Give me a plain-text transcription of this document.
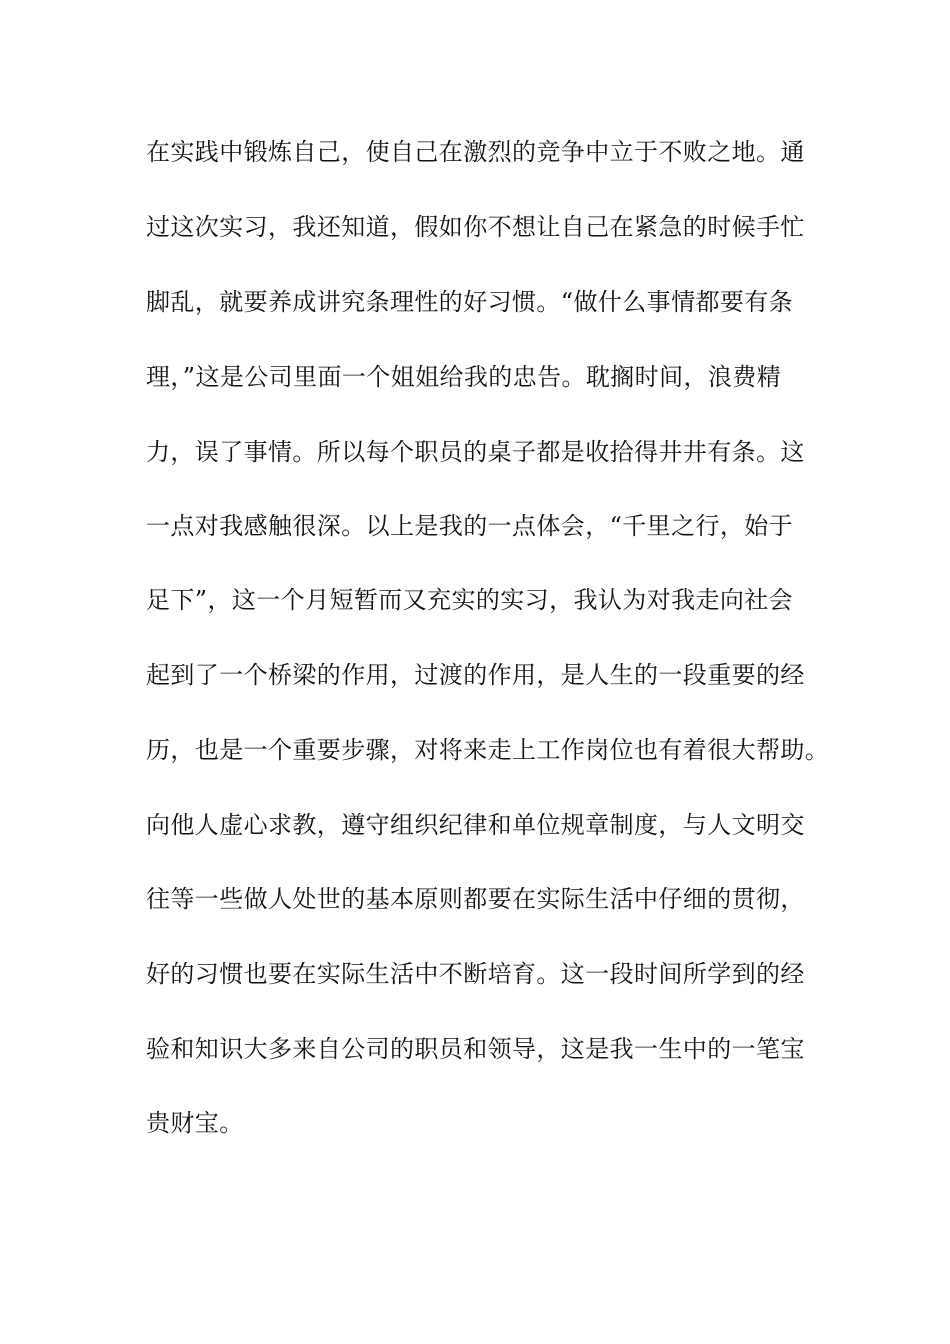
在实践中锻炼自己，使自己在激烈的竞争中立于不败之地。通
过这次实习，我还知道，假如你不想让自己在紧急的时候手忙
脚乱，就要养成讲究条理性的好习惯。“做什么事情都要有条
理，”这是公司里面一个姐姐给我的忠告。耽搁时间，浪费精
力，误了事情。所以每个职员的桌子都是收拾得井井有条。这
一点对我感触很深。以上是我的一点体会，“千里之行，始于
足下”，这一个月短暂而又充实的实习，我认为对我走向社会
起到了一个桥梁的作用，过渡的作用，是人生的一段重要的经
历，也是一个重要步骤，对将来走上工作岗位也有着很大帮助。
向他人虚心求教，遵守组织纪律和单位规章制度，与人文明交
往等一些做人处世的基本原则都要在实际生活中仔细的贯彻，
好的习惯也要在实际生活中不断培育。这一段时间所学到的经
验和知识大多来自公司的职员和领导，这是我一生中的一笔宝
贵财宝。
